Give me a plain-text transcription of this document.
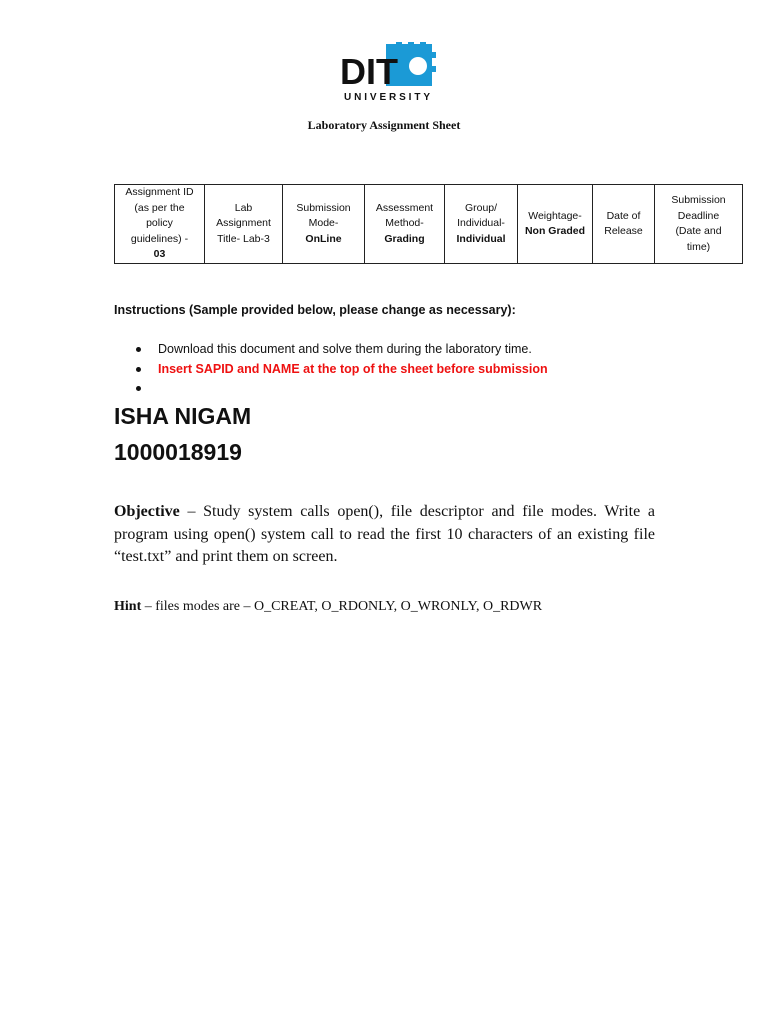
DIT
UNIVERSITY
Laboratory Assignment Sheet
Assignment ID
(as per the
policy
guidelines) -
03	Lab
Assignment
Title- Lab-3	Submission
Mode-
OnLine	Assessment
Method-
Grading	Group/
Individual-
Individual	Weightage-
Non Graded	Date of
Release	Submission
Deadline
(Date and
time)
Instructions (Sample provided below, please change as necessary):
Download this document and solve them during the laboratory time.
Insert SAPID and NAME at the top of the sheet before submission
ISHA NIGAM
1000018919
Objective – Study system calls open(), file descriptor and file modes. Write a program using open() system call to read the first 10 characters of an existing file “test.txt” and print them on screen.
Hint – files modes are – O_CREAT, O_RDONLY, O_WRONLY, O_RDWR
